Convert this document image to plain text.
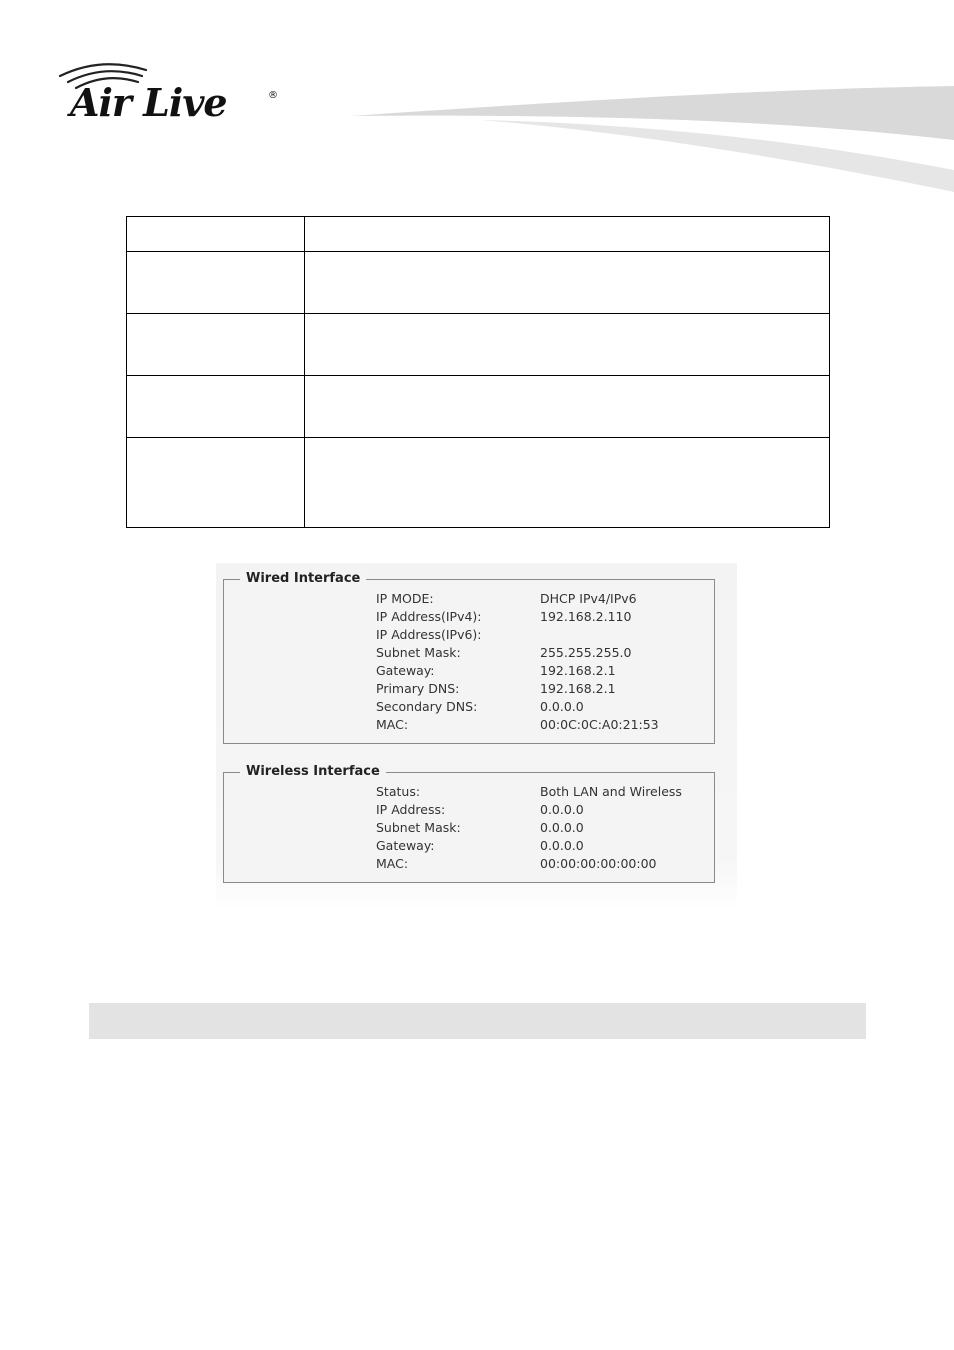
Air Live	®

Wired Interface
IP MODE:	DHCP IPv4/IPv6
IP Address(IPv4):	192.168.2.110
IP Address(IPv6):
Subnet Mask:	255.255.255.0
Gateway:	192.168.2.1
Primary DNS:	192.168.2.1
Secondary DNS:	0.0.0.0
MAC:	00:0C:0C:A0:21:53
Wireless Interface
Status:	Both LAN and Wireless
IP Address:	0.0.0.0
Subnet Mask:	0.0.0.0
Gateway:	0.0.0.0
MAC:	00:00:00:00:00:00
